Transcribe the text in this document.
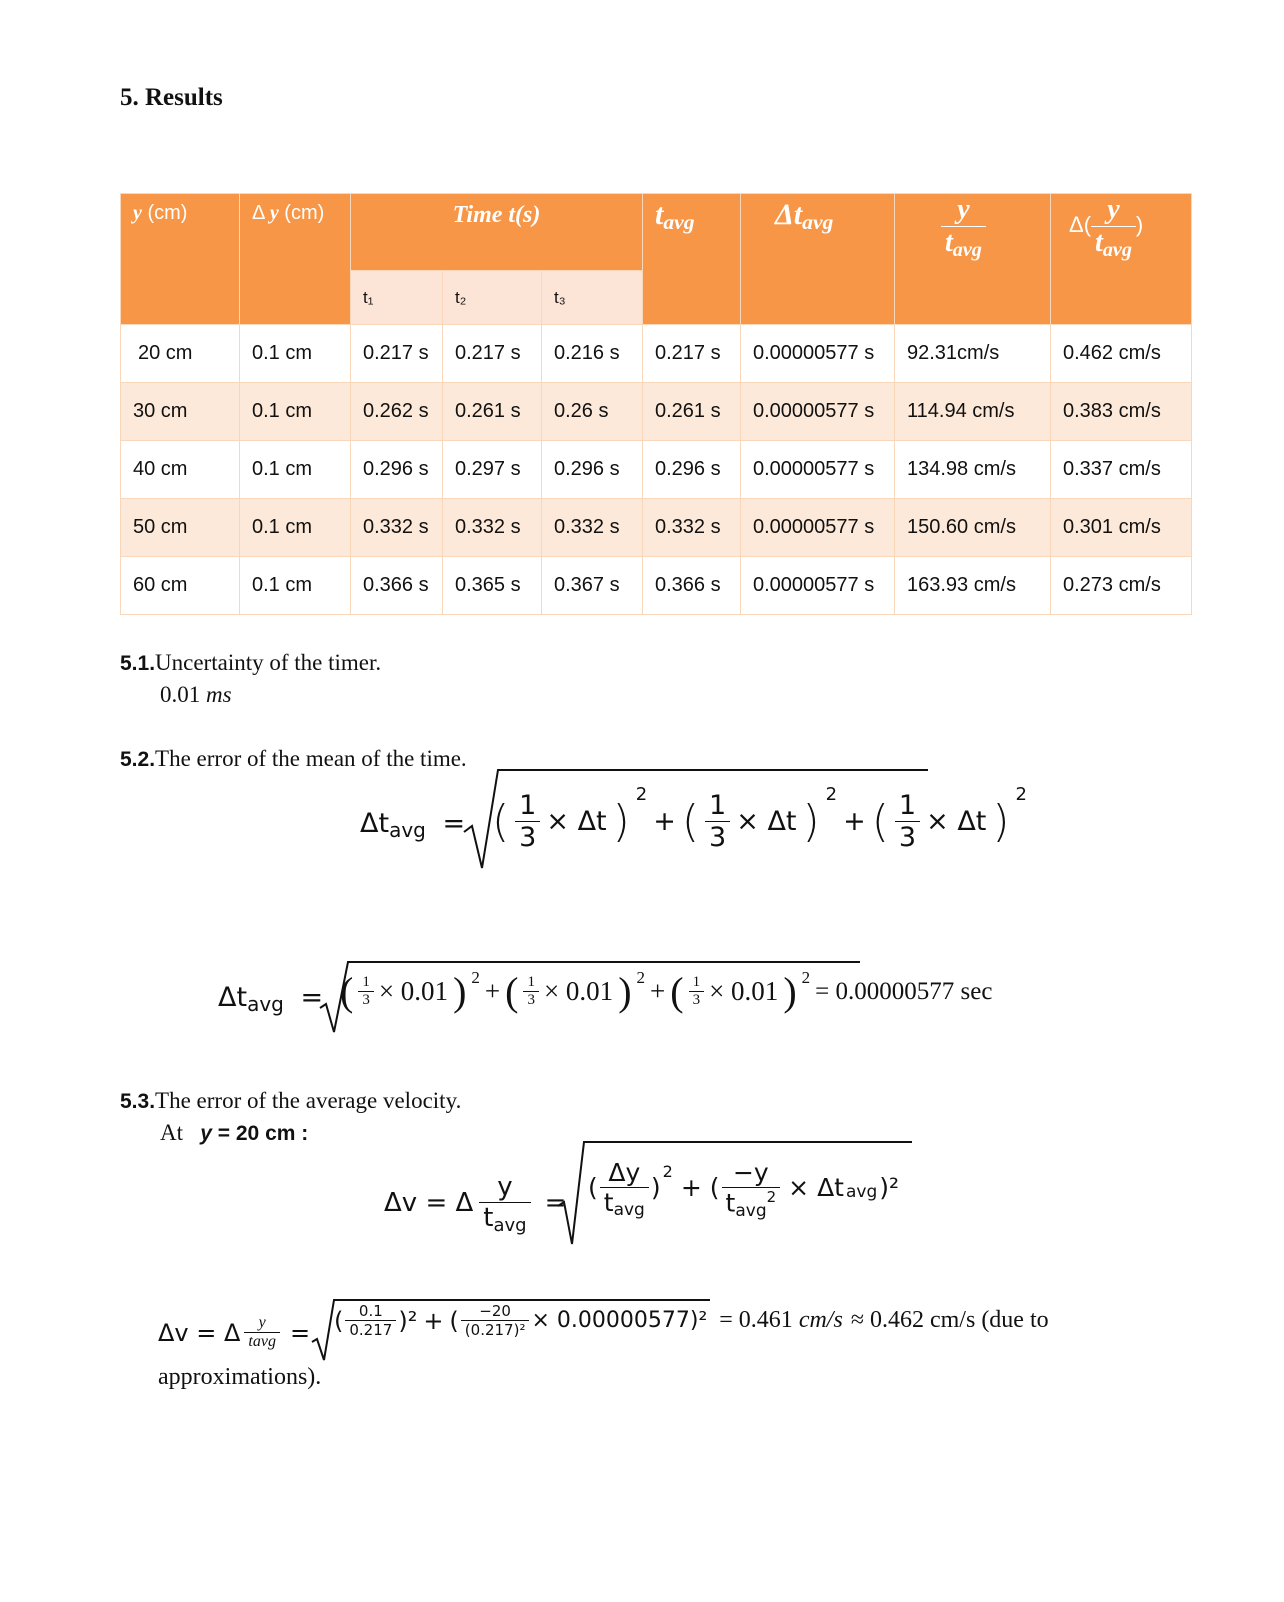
5. Results
y (cm)	Δ y (cm)	Time t(s)			tavg	Δtavg	$\frac{y}{\text{tavg}}$	$\Delta( \frac{y}{\text{tavg}}$ )
		t₁	t₂	t₃				
20 cm	0.1 cm	0.217 s	0.217 s	0.216 s	0.217 s	0.00000577 s	92.31cm/s	0.462 cm/s
30 cm	0.1 cm	0.262 s	0.261 s	0.26 s	0.261 s	0.00000577 s	114.94 cm/s	0.383 cm/s
40 cm	0.1 cm	0.296 s	0.297 s	0.296 s	0.296 s	0.00000577 s	134.98 cm/s	0.337 cm/s
50 cm	0.1 cm	0.332 s	0.332 s	0.332 s	0.332 s	0.00000577 s	150.60 cm/s	0.301 cm/s
60 cm	0.1 cm	0.366 s	0.365 s	0.367 s	0.366 s	0.00000577 s	163.93 cm/s	0.273 cm/s
5.1.Uncertainty of the timer.
0.01 ms
5.2.The error of the mean of the time.
Δtavg = ( $\frac{1}{3} \times \Delta t$ )
$^2$
+ ( $\frac{1}{3} \times \Delta t$ )
$^2$
+ ( $\frac{1}{3} \times \Delta t$ )
$^2$
Δtavg = ( $\frac{1}{3} \times 0.01$ ) $^2$ + ( $\frac{1}{3} \times 0.01$ ) $^2$ + ( $\frac{1}{3} \times 0.01$ ) $^2$ = 0.00000577 sec
5.3.The error of the average velocity.
At y = 20 cm :
Δv = Δ $\frac{y}{\text{tavg}}$ = ( $\frac{\Delta y}{\text{tavg}}$ )
$^2$
+ ( $\frac{-y}{tavg^2} \times \Delta t$ avg )²
Δv = Δ $\frac{y}{\text{tavg}}$ = ( $\frac{0.1}{0.217} )^2$ + ( $\frac{-20}{\text{(0.217)²}} \times 0.00000577)^2 = 0.461$ cm/s ≈ 0.462 cm/s (due to
approximations).
